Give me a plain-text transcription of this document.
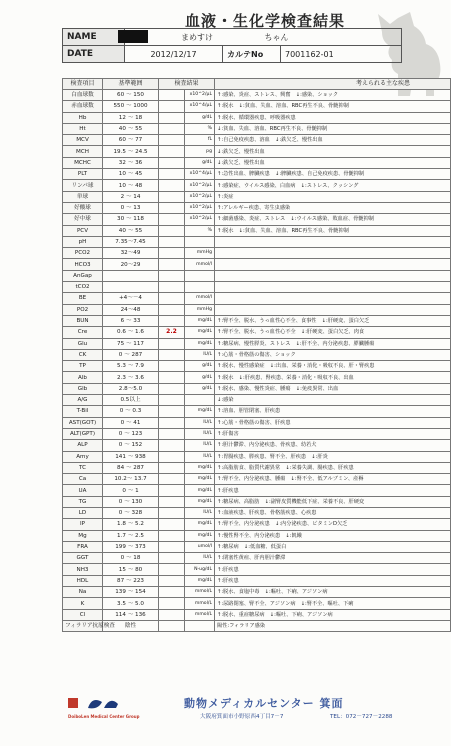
血液・生化学検査結果
NAME	まめすけ ちゃん		

DATE	2012/12/17	カルテNo	7001162-01
検査項目	基準範囲	検査結果		考えられる主な疾患
白血球数	60 ～ 150		x10^2/μL	↑:感染、炎症、ストレス、興奮　↓:感染、ショック
赤血球数	550 ～ 1000		x10^4/μL	↑:脱水　↓:貧血、失血、溶血、RBC再生不良、骨髄抑制
Hb	12 ～ 18		g/dL	↑:脱水、循環器疾患、呼吸器疾患
Ht	40 ～ 55		%	↓:貧血、失血、溶血、RBC再生不良、骨髄抑制
MCV	60 ～ 77		fL	↑:自己免疫疾患、溶血　↓:鉄欠乏、慢性出血
MCH	19.5 ～ 24.5		pg	↓:鉄欠乏、慢性出血
MCHC	32 ～ 36		g/dL	↓:鉄欠乏、慢性出血
PLT	10 ～ 45		x10^4/μL	↑:急性出血、脾臓疾患　↓:脾臓疾患、自己免疫疾患、骨髄抑制
リンパ球	10 ～ 48		x10^2/μL	↑:感染症、ウイルス感染、白血病　↓:ストレス、クッシング
単球	2 ～ 14		x10^2/μL	↑:炎症
好酸球	0 ～ 13		x10^2/μL	↑:アレルギー疾患、寄生虫感染
好中球	30 ～ 118		x10^2/μL	↑:細菌感染、炎症、ストレス　↓:ウイルス感染、敗血症、骨髄抑制
PCV	40 ～ 55		%	↑:脱水　↓:貧血、失血、溶血、RBC再生不良、骨髄抑制
pH	7.35～7.45			
PCO2	32～49		mmHg	
HCO3	20～29		mmol/l	
AnGap				
tCO2				
BE	+4～－4		mmol/l	
PO2	24～48		mmHg	
BUN	6 ～ 33		mg/dL	↑:腎不全、脱水、うっ血性心不全、食事性　↓:肝硬変、蛋白欠乏
Cre	0.6 ～ 1.6	2.2	mg/dL	↑:腎不全、脱水、うっ血性心不全　↓:肝硬変、蛋白欠乏、肉食
Glu	75 ～ 117		mg/dL	↑:糖尿病、慢性膵炎、ストレス　↓:肝不全、内分泌疾患、膵臓腫瘍
CK	0 ～ 287		IU/L	↑:心筋・骨格筋の傷害、ショック
TP	5.3 ～ 7.9		g/dL	↑:脱水、慢性感染症　↓:出血、栄養・消化・吸収不良、肝・腎疾患
Alb	2.3 ～ 3.6		g/dL	↑:脱水　↓:肝疾患、腎疾患、栄養・消化・吸収不良、出血
Glb	2.8～5.0		g/dL	↑:脱水、感染、慢性炎症、腫瘍　↓:免疫異常、出血
A/G	0.5以上			↓:感染
T-Bil	0 ～ 0.3		mg/dL	↑:溶血、胆管閉塞、肝疾患
AST(GOT)	0 ～ 41		IU/L	↑:心筋・骨格筋の傷害、肝疾患
ALT(GPT)	0 ～ 123		IU/L	↑:肝傷害
ALP	0 ～ 152		IU/L	↑:胆汁鬱滞、内分泌疾患、骨疾患、幼若犬
Amy	141 ～ 938		IU/L	↑:胃腸疾患、膵疾患、腎不全、肝疾患　↓:肝炎
TC	84 ～ 287		mg/dL	↑:高脂肪食、脂質代謝異常　↓:栄養失調、腸疾患、肝疾患
Ca	10.2～ 13.7		mg/dL	↑:腎不全、内分泌疾患、腫瘍　↓:腎不全、低アルブミン、産褥
UA	0 ～ 1		mg/dL	↑:肝疾患
TG	0 ～ 130		mg/dL	↑:糖尿病、高脂肪　↓:副腎皮質機能低下症、栄養不良、肝硬変
LD	0 ～ 328		IU/L	↑:血液疾患、肝疾患、骨格筋疾患、心疾患
IP	1.8 ～ 5.2		mg/dL	↑:腎不全、内分泌疾患　↓:内分泌疾患、ビタミンD欠乏
Mg	1.7 ～ 2.5		mg/dL	↑:慢性腎不全、内分泌疾患　↓:飢餓
FRA	199 ～ 373		umol/l	↑:糖尿病　↓:低血糖、低蛋白
GGT	0 ～ 18		IU/L	↑:閉塞性黄疸、肝内胆汁鬱滞
NH3	15 ～ 80		N-ug/dL	↑:肝疾患
HDL	87 ～ 223		mg/dL	↑:肝疾患
Na	139 ～ 154		mmol/L	↑:脱水、食塩中毒　↓:嘔吐、下痢、アジソン病
K	3.5 ～ 5.0		mmol/L	↑:尿路閉塞、腎不全、アジソン病　↓:腎不全、嘔吐、下痢
Cl	114 ～ 136		mmol/L	↑:脱水、重症糖尿病　↓:嘔吐、下痢、アジソン病
フィラリア抗原検査	陰性			陽性:フィラリア感染
DoiboLen Medical Center Group
動物メディカルセンター 箕面
大阪府箕面市小野原西4丁目7－7	TEL：072－727－2288
